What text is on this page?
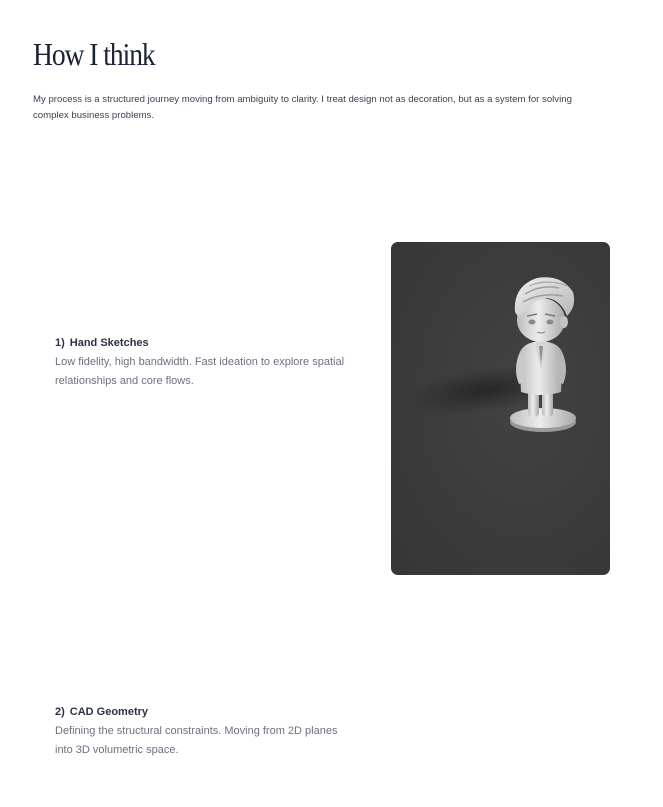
How I think

My process is a structured journey moving from ambiguity to clarity. I treat design not as decoration, but as a system for solving complex business problems.

1) Hand Sketches

Low fidelity, high bandwidth. Fast ideation to explore spatial relationships and core flows.

2) CAD Geometry

Defining the structural constraints. Moving from 2D planes into 3D volumetric space.
